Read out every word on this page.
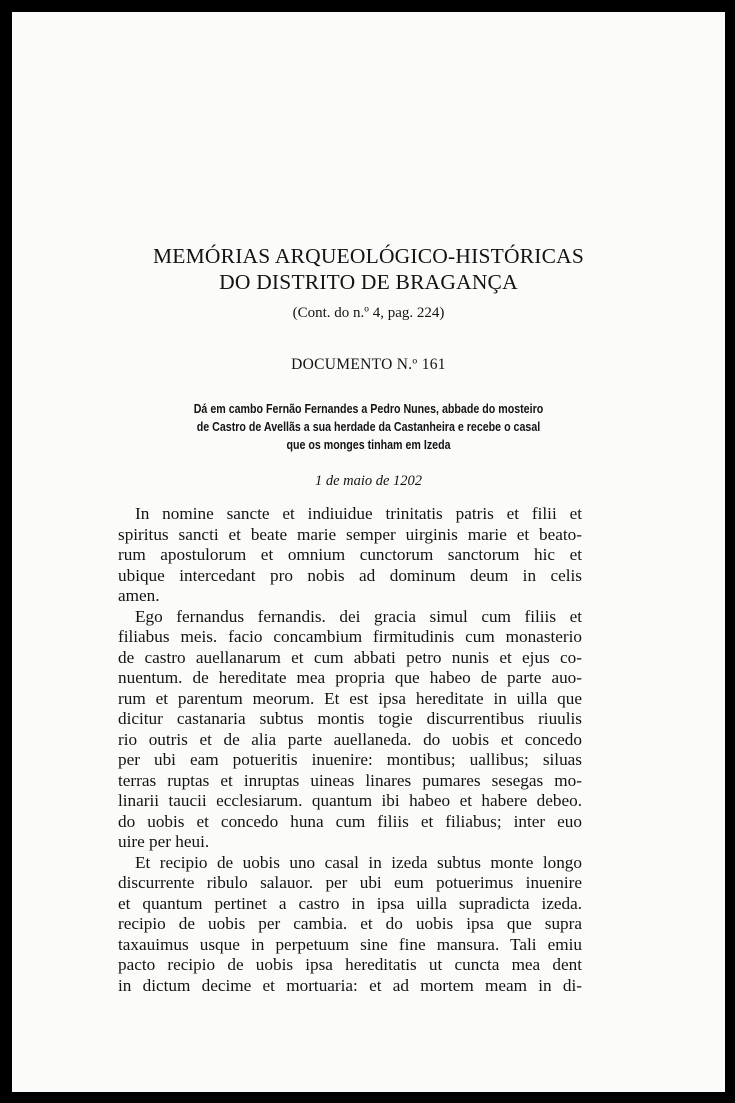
MEMÓRIAS ARQUEOLÓGICO-HISTÓRICAS
DO DISTRITO DE BRAGANÇA
(Cont. do n.º 4, pag. 224)
DOCUMENTO N.º 161
Dá em cambo Fernão Fernandes a Pedro Nunes, abbade do mosteiro
de Castro de Avellãs a sua herdade da Castanheira e recebe o casal
que os monges tinham em Izeda
1 de maio de 1202
In nomine sancte et indiuidue trinitatis patris et filii et
spiritus sancti et beate marie semper uirginis marie et beato-
rum apostulorum et omnium cunctorum sanctorum hic et
ubique intercedant pro nobis ad dominum deum in celis
amen.
Ego fernandus fernandis. dei gracia simul cum filiis et
filiabus meis. facio concambium firmitudinis cum monasterio
de castro auellanarum et cum abbati petro nunis et ejus co-
nuentum. de hereditate mea propria que habeo de parte auo-
rum et parentum meorum. Et est ipsa hereditate in uilla que
dicitur castanaria subtus montis togie discurrentibus riuulis
rio outris et de alia parte auellaneda. do uobis et concedo
per ubi eam potueritis inuenire: montibus; uallibus; siluas
terras ruptas et inruptas uineas linares pumares sesegas mo-
linarii taucii ecclesiarum. quantum ibi habeo et habere debeo.
do uobis et concedo huna cum filiis et filiabus; inter euo
uire per heui.
Et recipio de uobis uno casal in izeda subtus monte longo
discurrente ribulo salauor. per ubi eum potuerimus inuenire
et quantum pertinet a castro in ipsa uilla supradicta izeda.
recipio de uobis per cambia. et do uobis ipsa que supra
taxauimus usque in perpetuum sine fine mansura. Tali emiu
pacto recipio de uobis ipsa hereditatis ut cuncta mea dent
in dictum decime et mortuaria: et ad mortem meam in di-
